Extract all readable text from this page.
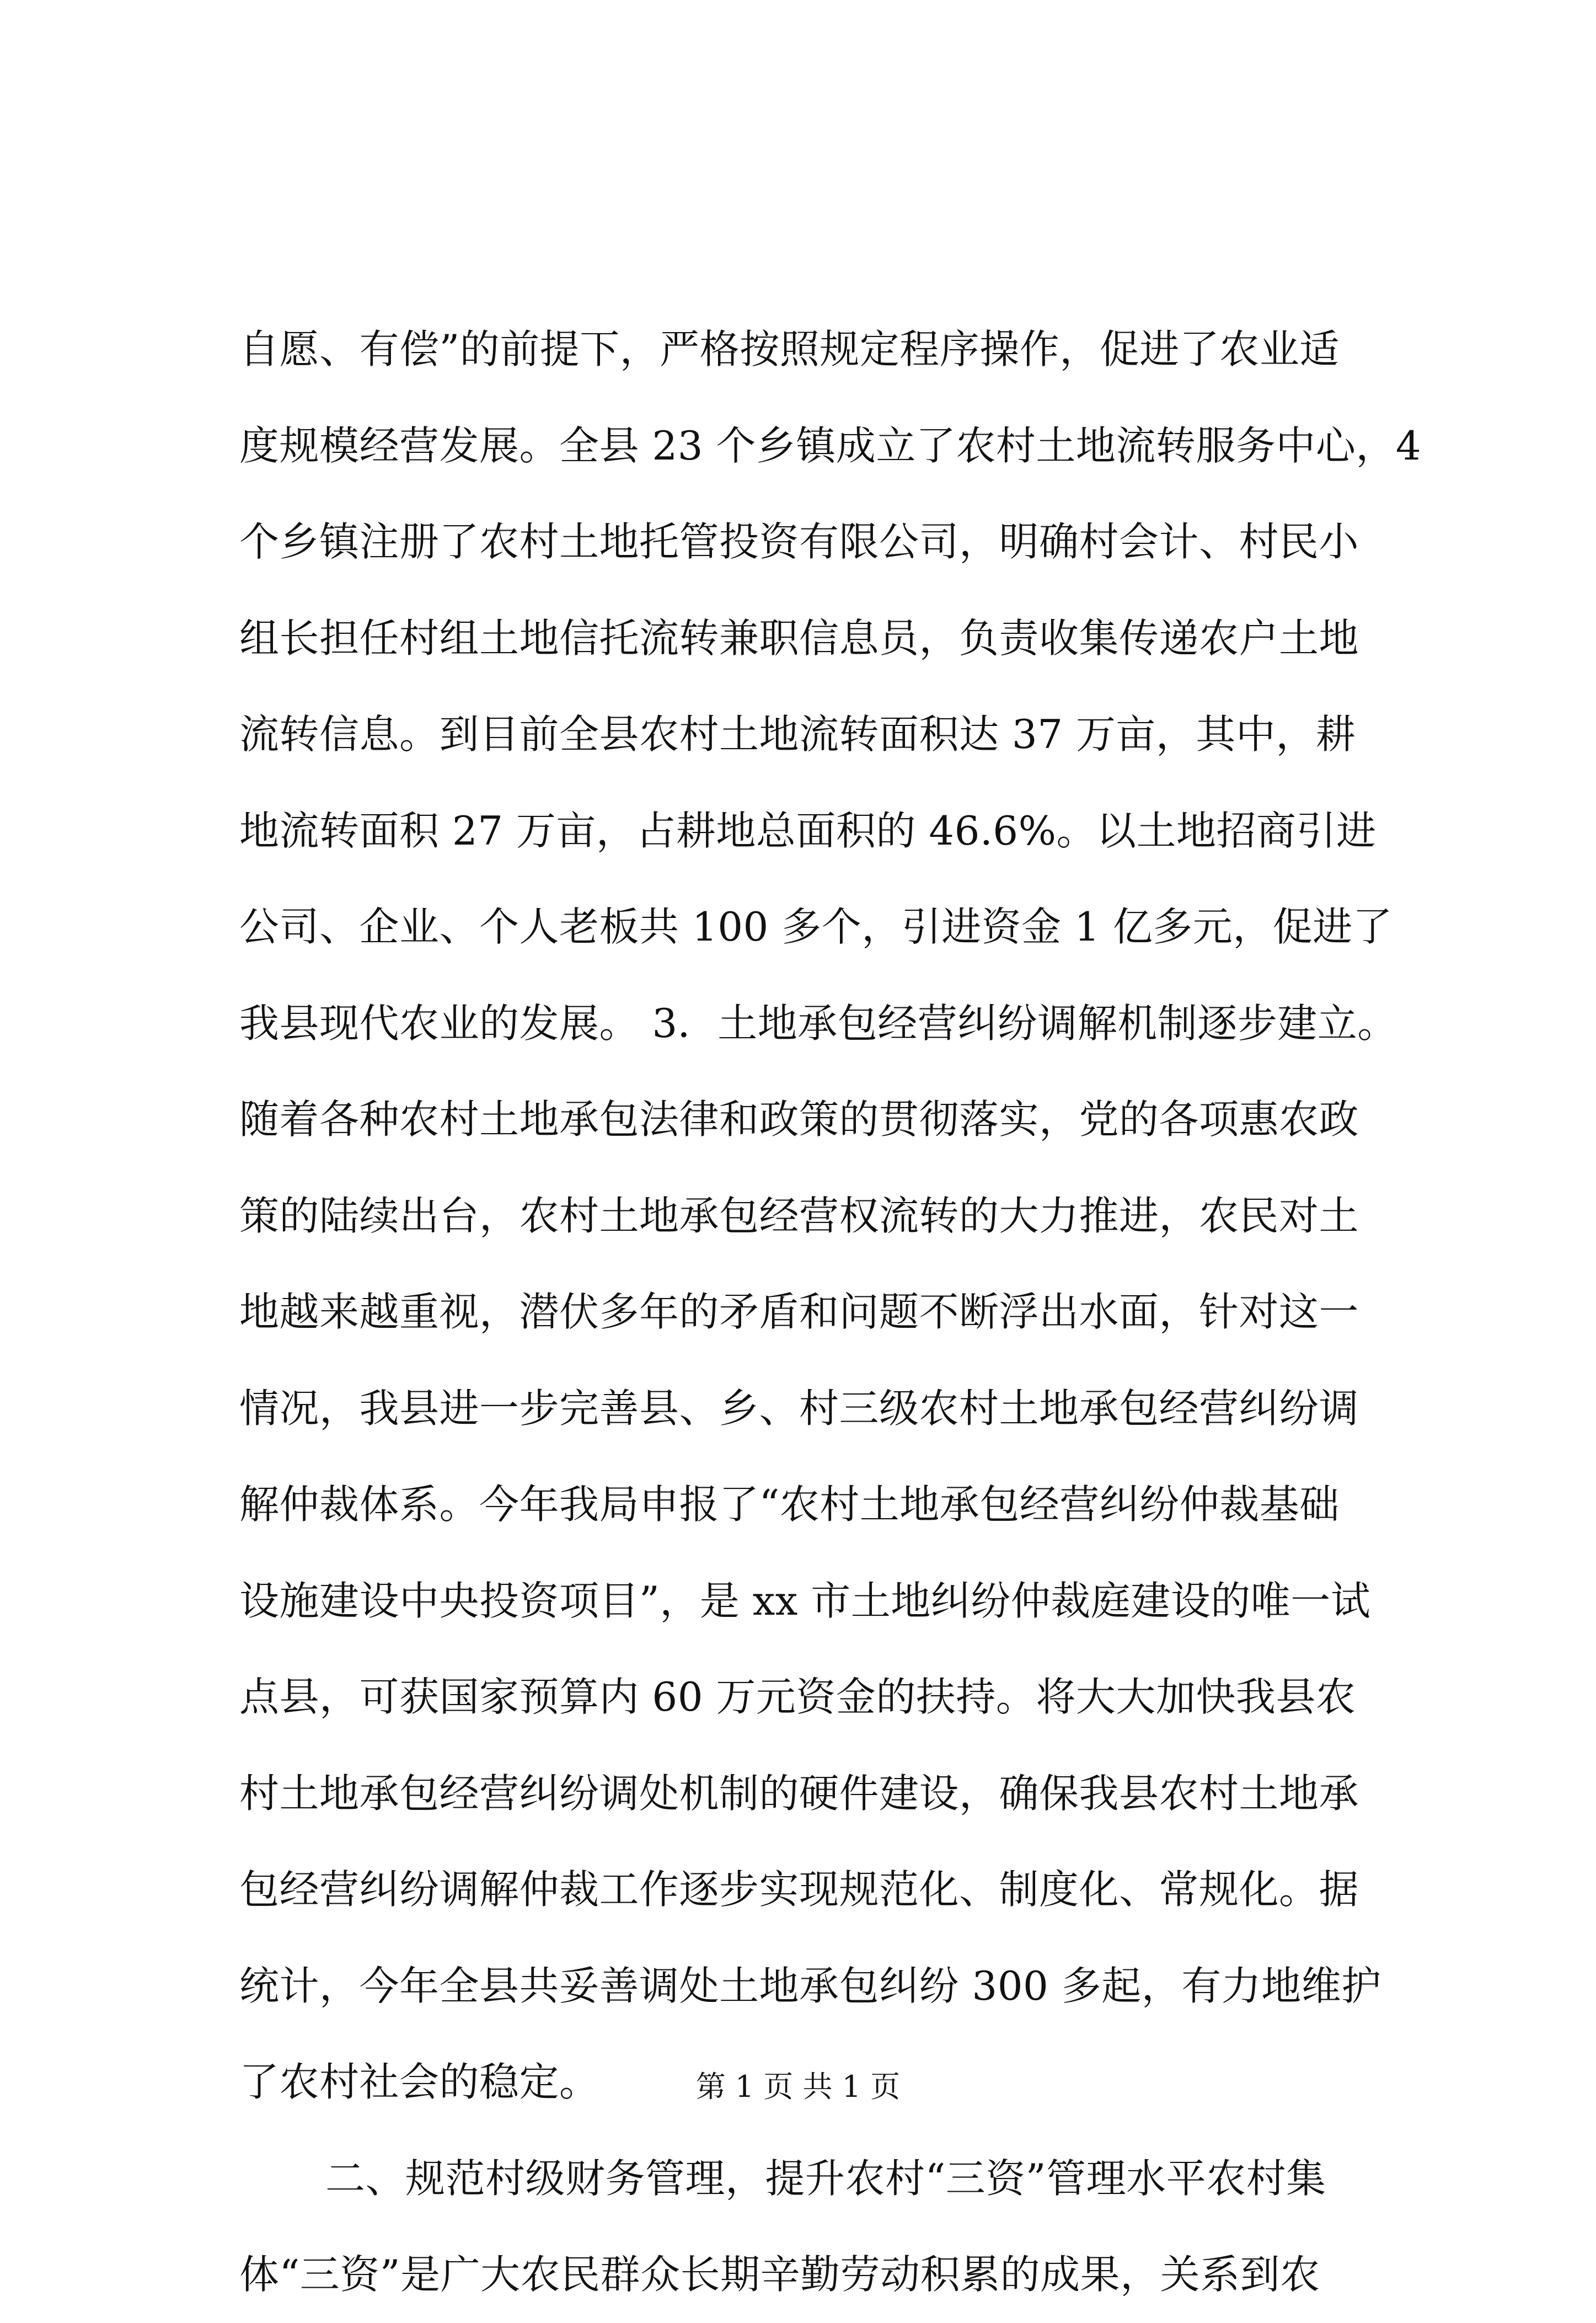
自愿、有偿”的前提下，严格按照规定程序操作，促进了农业适
度规模经营发展。全县 23 个乡镇成立了农村土地流转服务中心，4
个乡镇注册了农村土地托管投资有限公司，明确村会计、村民小
组长担任村组土地信托流转兼职信息员，负责收集传递农户土地
流转信息。到目前全县农村土地流转面积达 37 万亩，其中，耕
地流转面积 27 万亩，占耕地总面积的 46.6%。以土地招商引进
公司、企业、个人老板共 100 多个，引进资金 1 亿多元，促进了
我县现代农业的发展。 3．土地承包经营纠纷调解机制逐步建立。
随着各种农村土地承包法律和政策的贯彻落实，党的各项惠农政
策的陆续出台，农村土地承包经营权流转的大力推进，农民对土
地越来越重视，潜伏多年的矛盾和问题不断浮出水面，针对这一
情况，我县进一步完善县、乡、村三级农村土地承包经营纠纷调
解仲裁体系。今年我局申报了“农村土地承包经营纠纷仲裁基础
设施建设中央投资项目”，是 xx 市土地纠纷仲裁庭建设的唯一试
点县，可获国家预算内 60 万元资金的扶持。将大大加快我县农
村土地承包经营纠纷调处机制的硬件建设，确保我县农村土地承
包经营纠纷调解仲裁工作逐步实现规范化、制度化、常规化。据
统计，今年全县共妥善调处土地承包纠纷 300 多起，有力地维护
了农村社会的稳定。
二、规范村级财务管理，提升农村“三资”管理水平农村集
体“三资”是广大农民群众长期辛勤劳动积累的成果，关系到农
第 1 页 共 1 页
